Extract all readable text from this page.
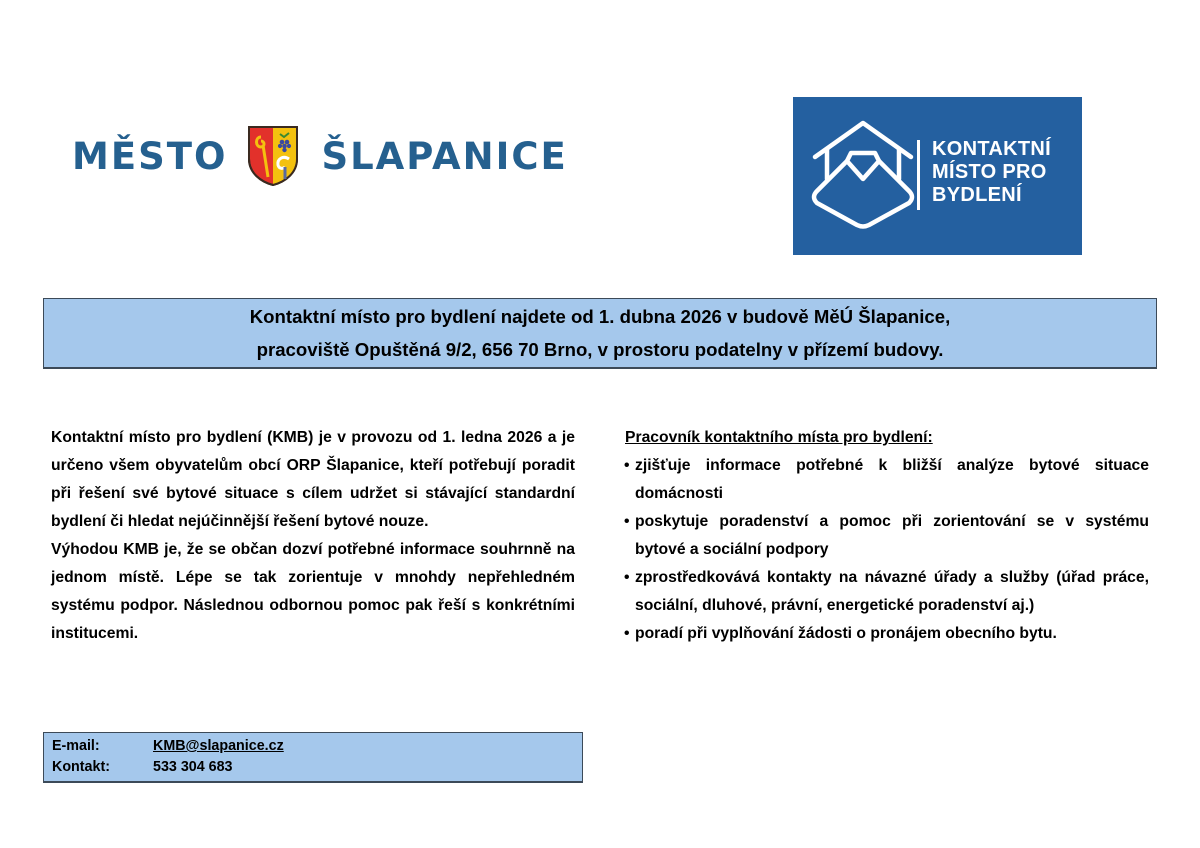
MĚSTO	ŠLAPANICE	KONTAKTNÍ
MÍSTO PRO
BYDLENÍ
Kontaktní místo pro bydlení najdete od 1. dubna 2026 v budově MěÚ Šlapanice,
pracoviště Opuštěná 9/2, 656 70 Brno, v prostoru podatelny v přízemí budovy.

Kontaktní místo pro bydlení (KMB) je v provozu od 1. ledna 2026 a je určeno všem obyvatelům obcí ORP Šlapanice, kteří potřebují poradit při řešení své bytové situace s cílem udržet si stávající standardní bydlení či hledat nejúčinnější řešení bytové nouze.

Výhodou KMB je, že se občan dozví potřebné informace souhrnně na jednom místě. Lépe se tak zorientuje v mnohdy nepřehledném systému podpor. Následnou odbornou pomoc pak řeší s konkrétními institucemi.

Pracovník kontaktního místa pro bydlení:

• zjišťuje informace potřebné k bližší analýze bytové situace domácnosti
• poskytuje poradenství a pomoc při zorientování se v systému bytové a sociální podpory
• zprostředkovává kontakty na návazné úřady a služby (úřad práce, sociální, dluhové, právní, energetické poradenství aj.)
• poradí při vyplňování žádosti o pronájem obecního bytu.
E-mail:	KMB@slapanice.cz
Kontakt:	533 304 683
